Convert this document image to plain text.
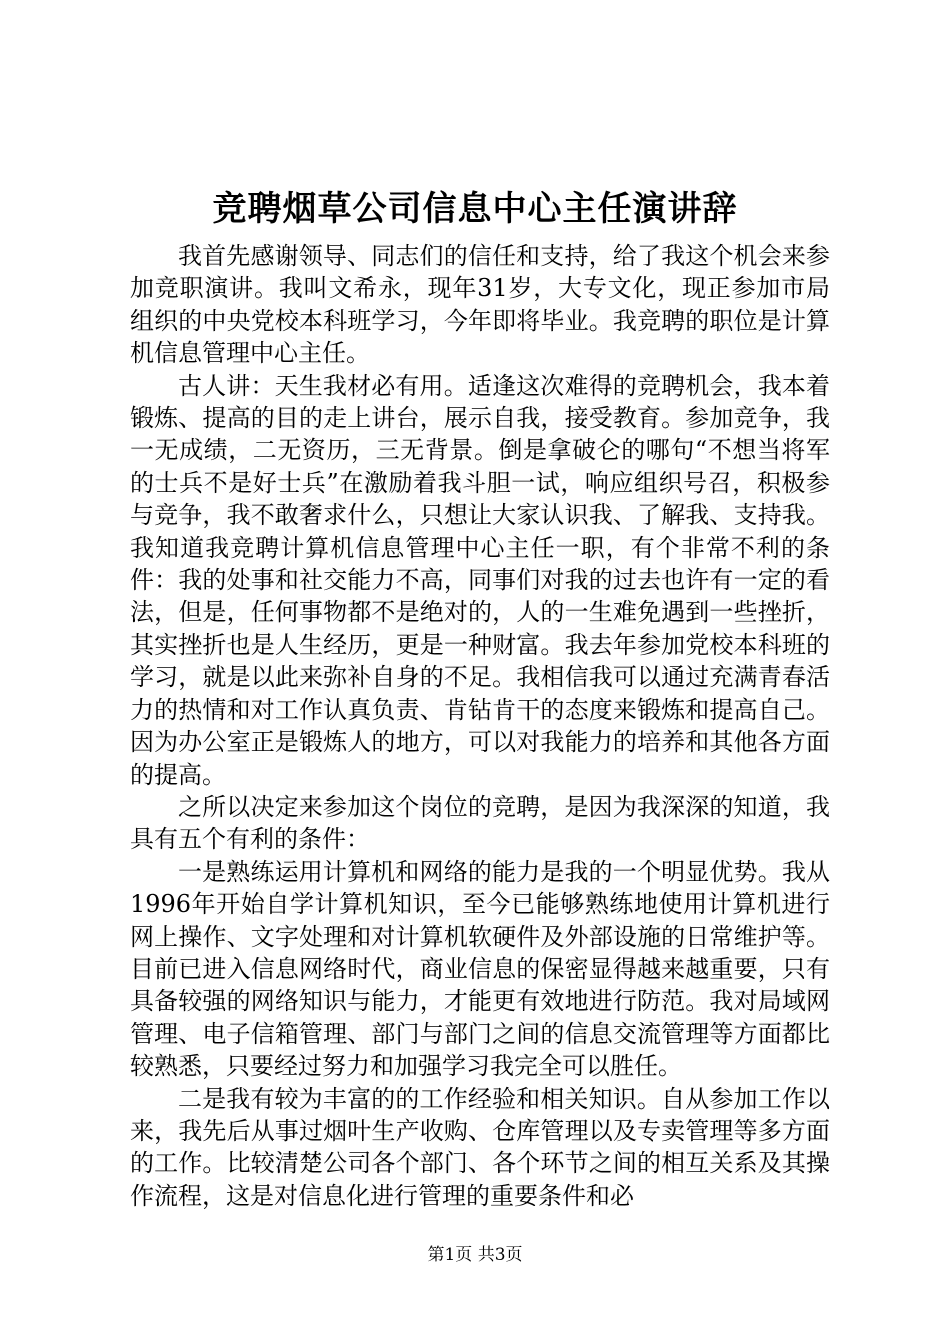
竞聘烟草公司信息中心主任演讲辞

我首先感谢领导、同志们的信任和支持，给了我这个机会来参加竞职演讲。我叫文希永，现年31岁，大专文化，现正参加市局组织的中央党校本科班学习，今年即将毕业。我竞聘的职位是计算机信息管理中心主任。

古人讲：天生我材必有用。适逢这次难得的竞聘机会，我本着锻炼、提高的目的走上讲台，展示自我，接受教育。参加竞争，我一无成绩，二无资历，三无背景。倒是拿破仑的哪句“不想当将军的士兵不是好士兵”在激励着我斗胆一试，响应组织号召，积极参与竞争，我不敢奢求什么，只想让大家认识我、了解我、支持我。我知道我竞聘计算机信息管理中心主任一职，有个非常不利的条件：我的处事和社交能力不高，同事们对我的过去也许有一定的看法，但是，任何事物都不是绝对的，人的一生难免遇到一些挫折，其实挫折也是人生经历，更是一种财富。我去年参加党校本科班的学习，就是以此来弥补自身的不足。我相信我可以通过充满青春活力的热情和对工作认真负责、肯钻肯干的态度来锻炼和提高自己。因为办公室正是锻炼人的地方，可以对我能力的培养和其他各方面的提高。

之所以决定来参加这个岗位的竞聘，是因为我深深的知道，我具有五个有利的条件：

一是熟练运用计算机和网络的能力是我的一个明显优势。我从1996年开始自学计算机知识，至今已能够熟练地使用计算机进行网上操作、文字处理和对计算机软硬件及外部设施的日常维护等。目前已进入信息网络时代，商业信息的保密显得越来越重要，只有具备较强的网络知识与能力，才能更有效地进行防范。我对局域网管理、电子信箱管理、部门与部门之间的信息交流管理等方面都比较熟悉，只要经过努力和加强学习我完全可以胜任。

二是我有较为丰富的的工作经验和相关知识。自从参加工作以来，我先后从事过烟叶生产收购、仓库管理以及专卖管理等多方面的工作。比较清楚公司各个部门、各个环节之间的相互关系及其操作流程，这是对信息化进行管理的重要条件和必

第1页 共3页
